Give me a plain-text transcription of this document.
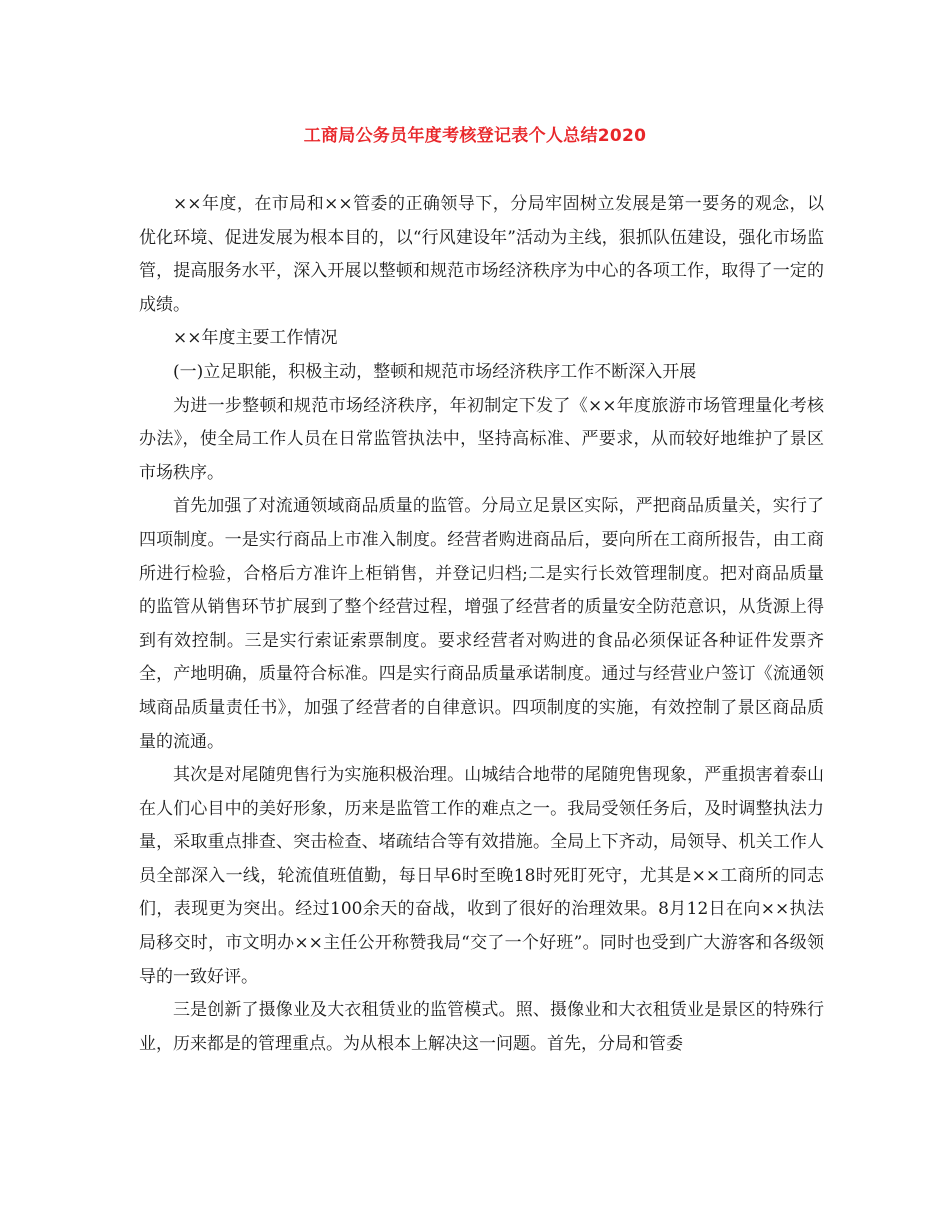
工商局公务员年度考核登记表个人总结2020

××年度，在市局和××管委的正确领导下，分局牢固树立发展是第一要务的观念，以优化环境、促进发展为根本目的，以“行风建设年”活动为主线，狠抓队伍建设，强化市场监管，提高服务水平，深入开展以整顿和规范市场经济秩序为中心的各项工作，取得了一定的成绩。

××年度主要工作情况

(一)立足职能，积极主动，整顿和规范市场经济秩序工作不断深入开展

为进一步整顿和规范市场经济秩序，年初制定下发了《××年度旅游市场管理量化考核办法》，使全局工作人员在日常监管执法中，坚持高标准、严要求，从而较好地维护了景区市场秩序。

首先加强了对流通领域商品质量的监管。分局立足景区实际，严把商品质量关，实行了四项制度。一是实行商品上市准入制度。经营者购进商品后，要向所在工商所报告，由工商所进行检验，合格后方准许上柜销售，并登记归档;二是实行长效管理制度。把对商品质量的监管从销售环节扩展到了整个经营过程，增强了经营者的质量安全防范意识，从货源上得到有效控制。三是实行索证索票制度。要求经营者对购进的食品必须保证各种证件发票齐全，产地明确，质量符合标准。四是实行商品质量承诺制度。通过与经营业户签订《流通领域商品质量责任书》，加强了经营者的自律意识。四项制度的实施，有效控制了景区商品质量的流通。

其次是对尾随兜售行为实施积极治理。山城结合地带的尾随兜售现象，严重损害着泰山在人们心目中的美好形象，历来是监管工作的难点之一。我局受领任务后，及时调整执法力量，采取重点排查、突击检查、堵疏结合等有效措施。全局上下齐动，局领导、机关工作人员全部深入一线，轮流值班值勤，每日早6时至晚18时死盯死守，尤其是××工商所的同志们，表现更为突出。经过100余天的奋战，收到了很好的治理效果。8月12日在向××执法局移交时，市文明办××主任公开称赞我局“交了一个好班”。同时也受到广大游客和各级领导的一致好评。

三是创新了摄像业及大衣租赁业的监管模式。照、摄像业和大衣租赁业是景区的特殊行业，历来都是的管理重点。为从根本上解决这一问题。首先，分局和管委
